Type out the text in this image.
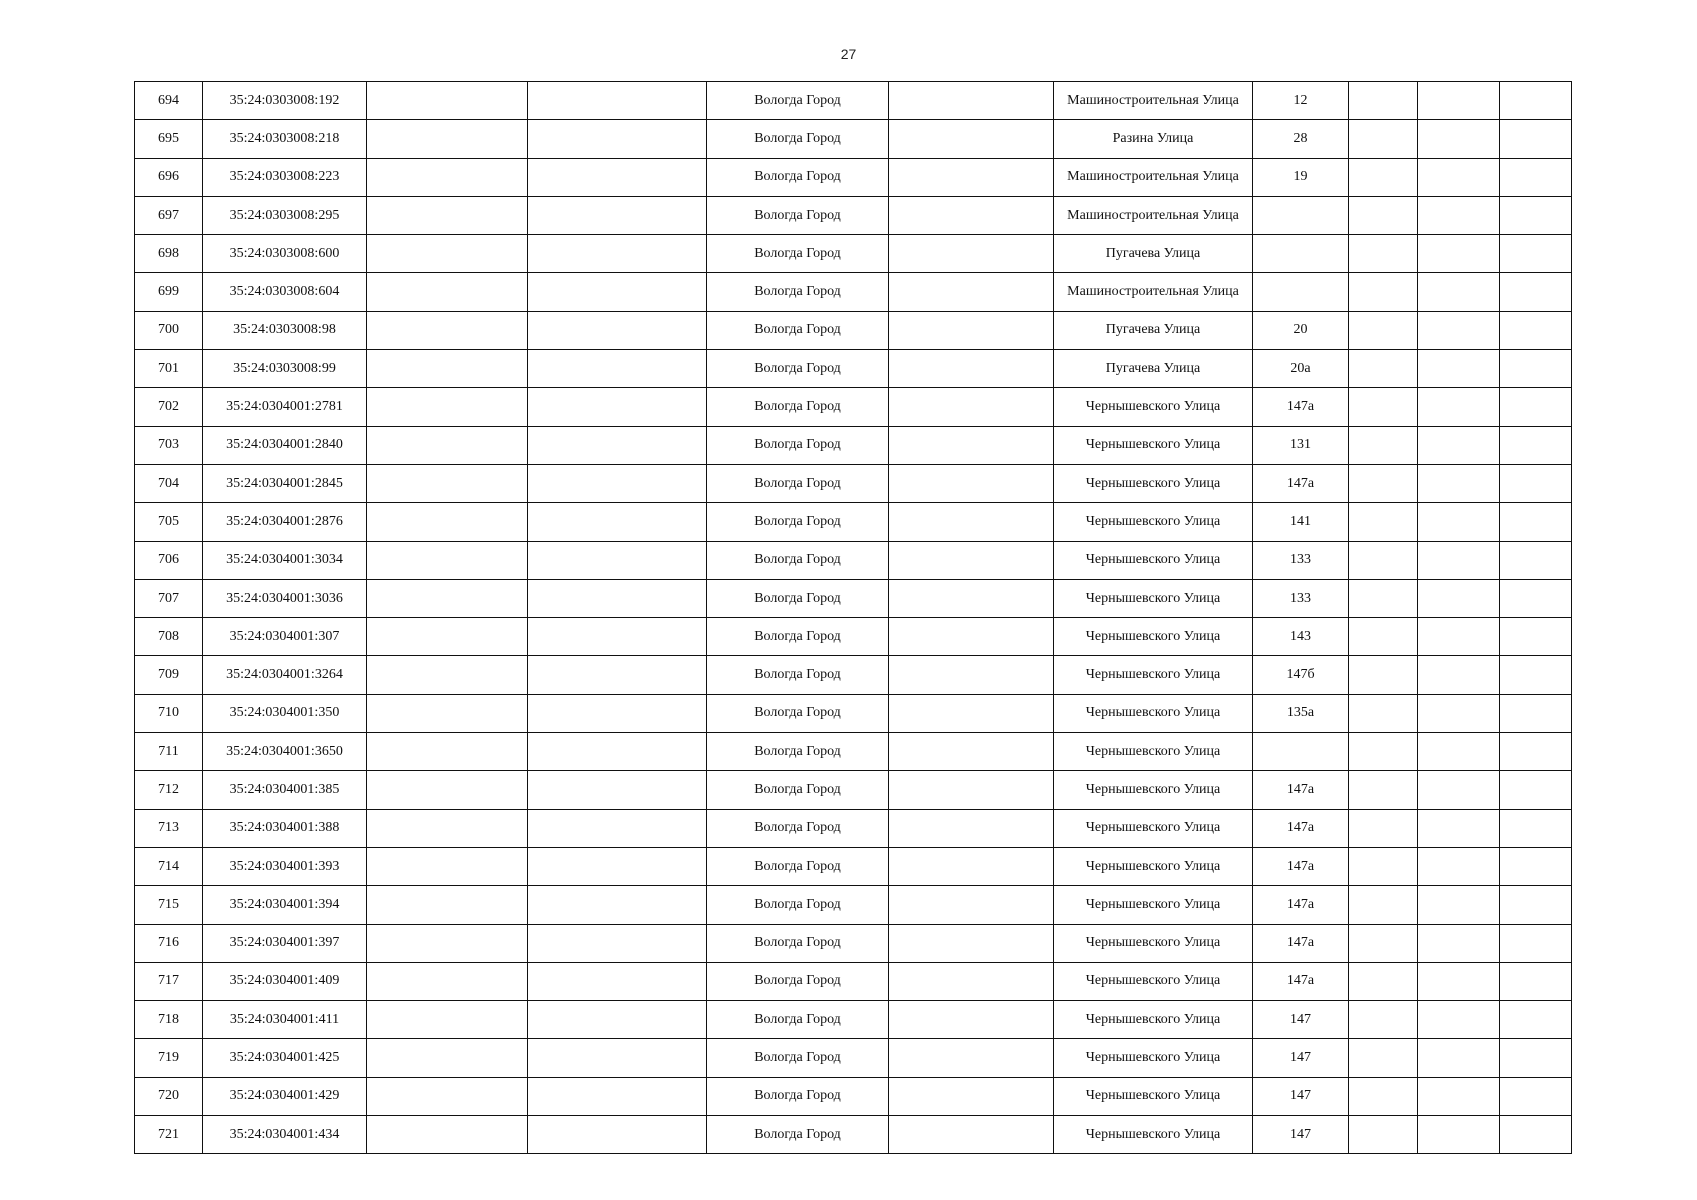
27
694	35:24:0303008:192			Вологда Город		Машиностроительная Улица	12			
695	35:24:0303008:218			Вологда Город		Разина Улица	28			
696	35:24:0303008:223			Вологда Город		Машиностроительная Улица	19			
697	35:24:0303008:295			Вологда Город		Машиностроительная Улица				
698	35:24:0303008:600			Вологда Город		Пугачева Улица				
699	35:24:0303008:604			Вологда Город		Машиностроительная Улица				
700	35:24:0303008:98			Вологда Город		Пугачева Улица	20			
701	35:24:0303008:99			Вологда Город		Пугачева Улица	20а			
702	35:24:0304001:2781			Вологда Город		Чернышевского Улица	147а			
703	35:24:0304001:2840			Вологда Город		Чернышевского Улица	131			
704	35:24:0304001:2845			Вологда Город		Чернышевского Улица	147а			
705	35:24:0304001:2876			Вологда Город		Чернышевского Улица	141			
706	35:24:0304001:3034			Вологда Город		Чернышевского Улица	133			
707	35:24:0304001:3036			Вологда Город		Чернышевского Улица	133			
708	35:24:0304001:307			Вологда Город		Чернышевского Улица	143			
709	35:24:0304001:3264			Вологда Город		Чернышевского Улица	147б			
710	35:24:0304001:350			Вологда Город		Чернышевского Улица	135а			
711	35:24:0304001:3650			Вологда Город		Чернышевского Улица				
712	35:24:0304001:385			Вологда Город		Чернышевского Улица	147а			
713	35:24:0304001:388			Вологда Город		Чернышевского Улица	147а			
714	35:24:0304001:393			Вологда Город		Чернышевского Улица	147а			
715	35:24:0304001:394			Вологда Город		Чернышевского Улица	147а			
716	35:24:0304001:397			Вологда Город		Чернышевского Улица	147а			
717	35:24:0304001:409			Вологда Город		Чернышевского Улица	147а			
718	35:24:0304001:411			Вологда Город		Чернышевского Улица	147			
719	35:24:0304001:425			Вологда Город		Чернышевского Улица	147			
720	35:24:0304001:429			Вологда Город		Чернышевского Улица	147			
721	35:24:0304001:434			Вологда Город		Чернышевского Улица	147			
